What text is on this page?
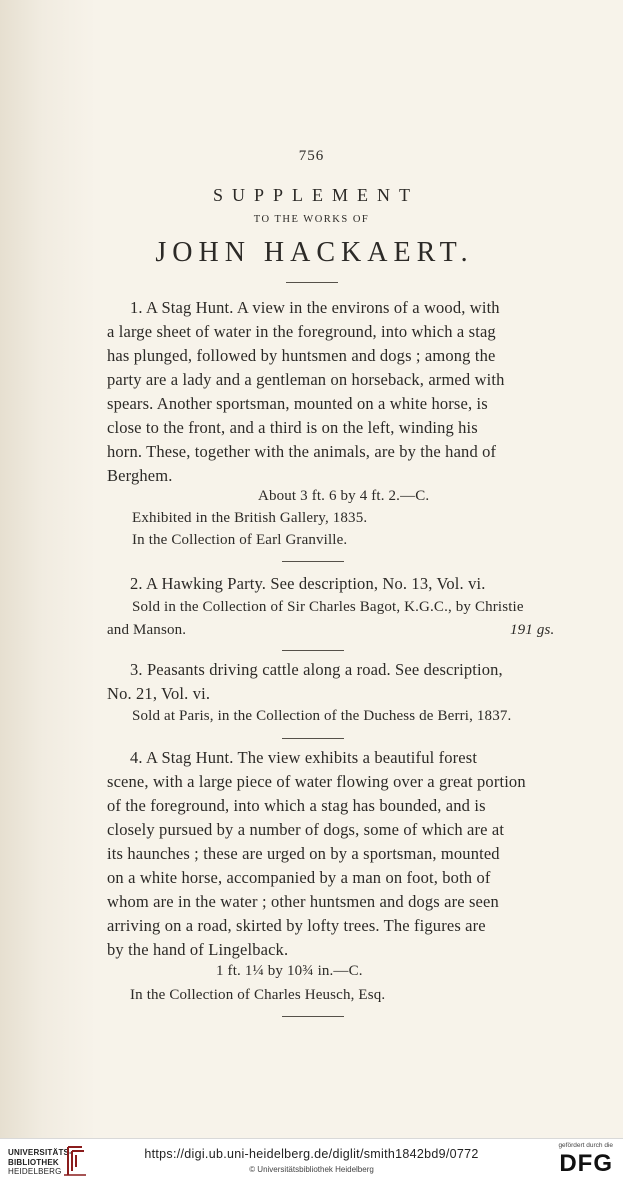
756
SUPPLEMENT
TO THE WORKS OF
JOHN HACKAERT.
1. A Stag Hunt. A view in the environs of a wood, with
a large sheet of water in the foreground, into which a stag
has plunged, followed by huntsmen and dogs ; among the
party are a lady and a gentleman on horseback, armed with
spears. Another sportsman, mounted on a white horse, is
close to the front, and a third is on the left, winding his
horn. These, together with the animals, are by the hand of
Berghem.
About 3 ft. 6 by 4 ft. 2.—C.
Exhibited in the British Gallery, 1835.
In the Collection of Earl Granville.
2. A Hawking Party. See description, No. 13, Vol. vi.
Sold in the Collection of Sir Charles Bagot, K.G.C., by Christie
and Manson.	191 gs.
3. Peasants driving cattle along a road. See description,
No. 21, Vol. vi.
Sold at Paris, in the Collection of the Duchess de Berri, 1837.
4. A Stag Hunt. The view exhibits a beautiful forest
scene, with a large piece of water flowing over a great portion
of the foreground, into which a stag has bounded, and is
closely pursued by a number of dogs, some of which are at
its haunches ; these are urged on by a sportsman, mounted
on a white horse, accompanied by a man on foot, both of
whom are in the water ; other huntsmen and dogs are seen
arriving on a road, skirted by lofty trees. The figures are
by the hand of Lingelback.
1 ft. 1¼ by 10¾ in.—C.
In the Collection of Charles Heusch, Esq.
UNIVERSITÄTS-
BIBLIOTHEK
HEIDELBERG
https://digi.ub.uni-heidelberg.de/diglit/smith1842bd9/0772
© Universitätsbibliothek Heidelberg
gefördert durch die
DFG
